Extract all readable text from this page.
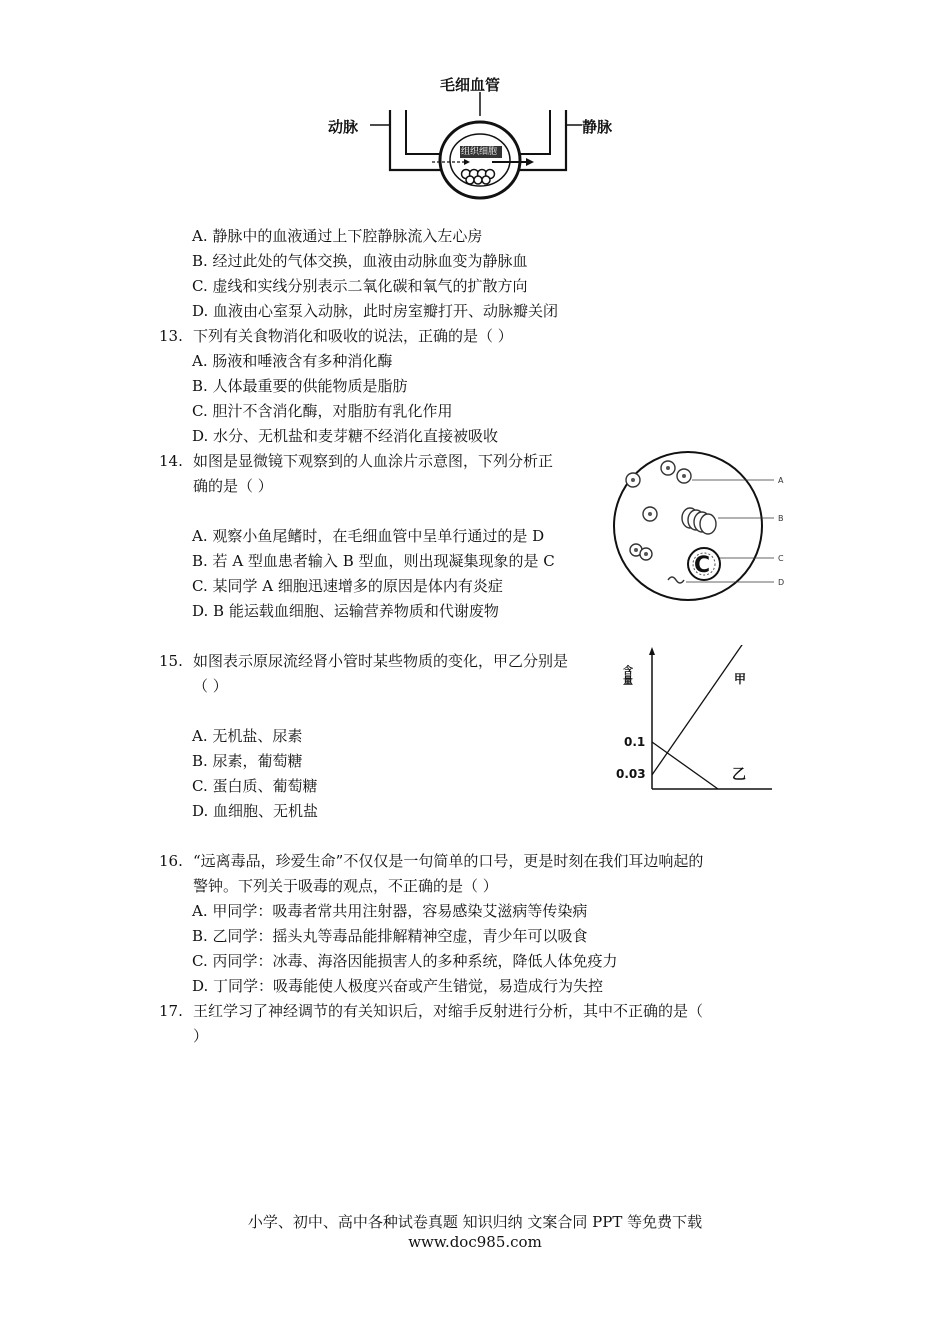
毛细血管
动脉	静脉
组织细胞
A. 静脉中的血液通过上下腔静脉流入左心房
B. 经过此处的气体交换，血液由动脉血变为静脉血
C. 虚线和实线分别表示二氧化碳和氧气的扩散方向
D. 血液由心室泵入动脉，此时房室瓣打开、动脉瓣关闭
13. 下列有关食物消化和吸收的说法，正确的是（ ）
A. 肠液和唾液含有多种消化酶
B. 人体最重要的供能物质是脂肪
C. 胆汁不含消化酶，对脂肪有乳化作用
D. 水分、无机盐和麦芽糖不经消化直接被吸收
14. 如图是显微镜下观察到的人血涂片示意图，下列分析正
确的是（ ）
A. 观察小鱼尾鳍时，在毛细血管中呈单行通过的是 D
B. 若 A 型血患者输入 B 型血，则出现凝集现象的是 C
C. 某同学 A 细胞迅速增多的原因是体内有炎症
D. B 能运载血细胞、运输营养物质和代谢废物
A
B
C
D
C
15. 如图表示原尿流经肾小管时某些物质的变化，甲乙分别是
（ ）
A. 无机盐、尿素
B. 尿素，葡萄糖
C. 蛋白质、葡萄糖
D. 血细胞、无机盐
含量
0.1
0.03
甲
乙
16. “远离毒品，珍爱生命”不仅仅是一句简单的口号，更是时刻在我们耳边响起的
警钟。下列关于吸毒的观点，不正确的是（ ）
A. 甲同学：吸毒者常共用注射器，容易感染艾滋病等传染病
B. 乙同学：摇头丸等毒品能排解精神空虚，青少年可以吸食
C. 丙同学：冰毒、海洛因能损害人的多种系统，降低人体免疫力
D. 丁同学：吸毒能使人极度兴奋或产生错觉，易造成行为失控
17. 王红学习了神经调节的有关知识后，对缩手反射进行分析，其中不正确的是（
）
小学、初中、高中各种试卷真题 知识归纳 文案合同 PPT 等免费下载
www.doc985.com
